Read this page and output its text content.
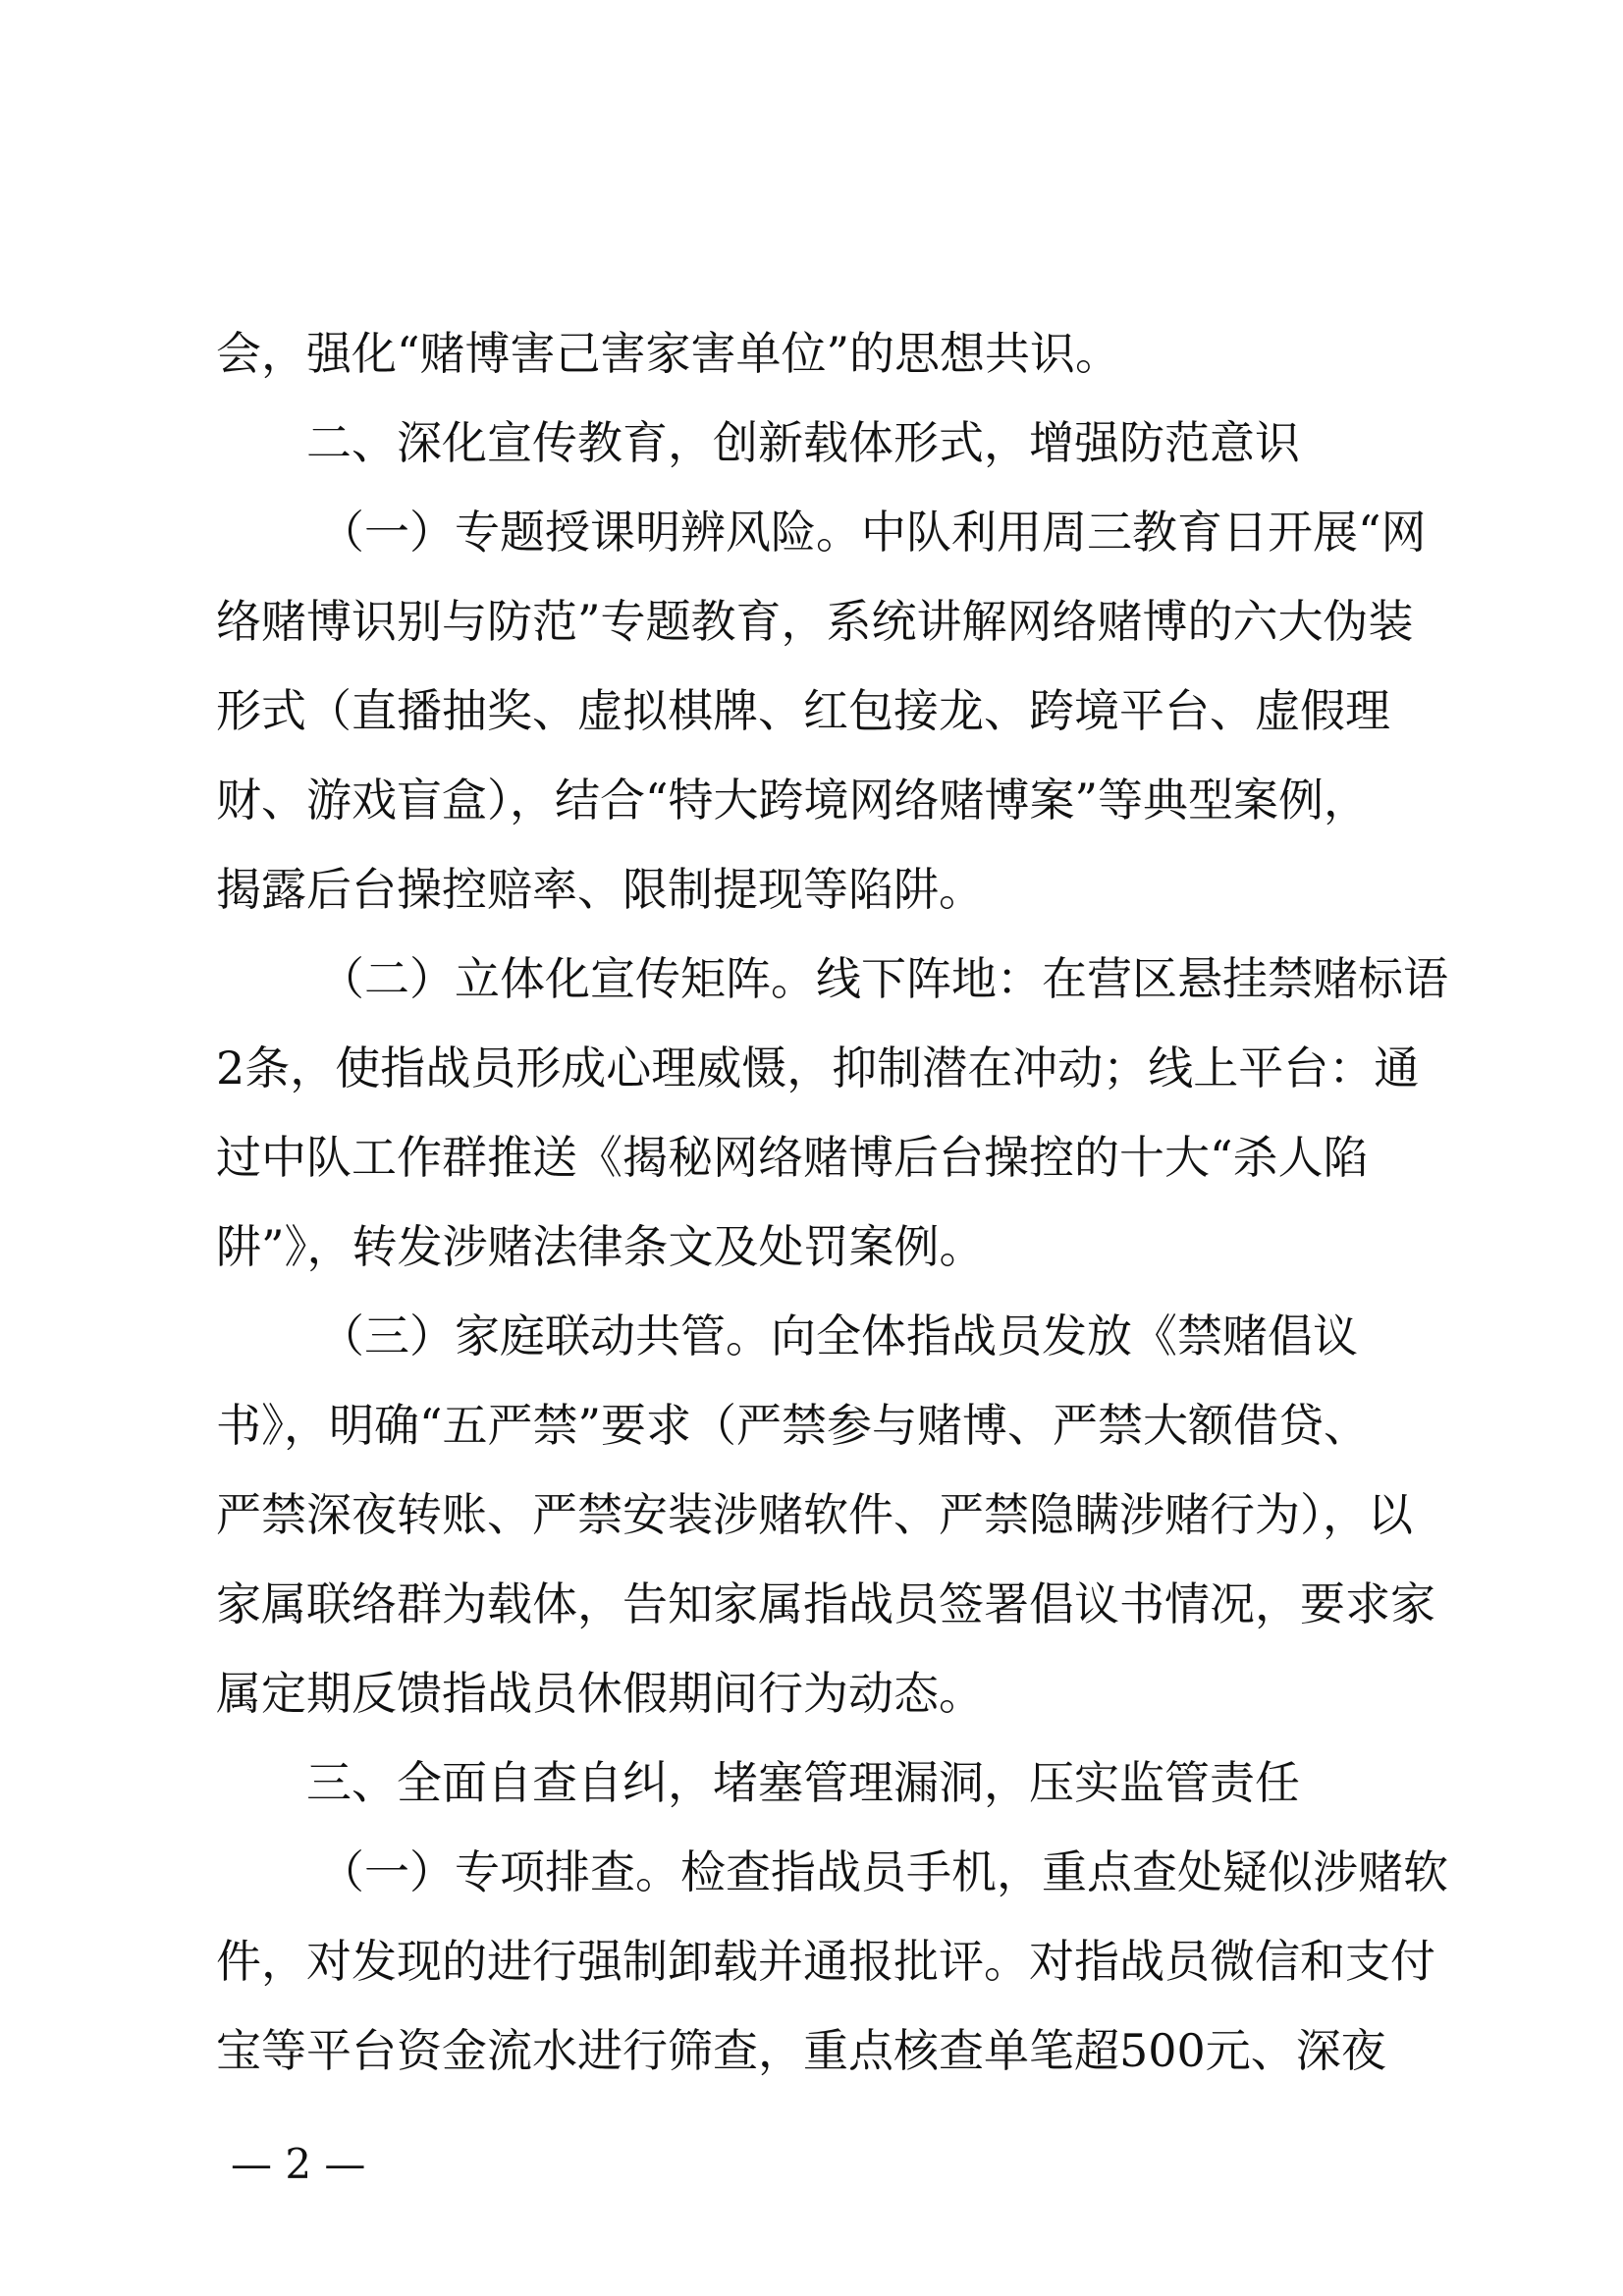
会，强化“赌博害己害家害单位”的思想共识。
二、深化宣传教育，创新载体形式，增强防范意识
（一）专题授课明辨风险。中队利用周三教育日开展“网
络赌博识别与防范”专题教育，系统讲解网络赌博的六大伪装
形式（直播抽奖、虚拟棋牌、红包接龙、跨境平台、虚假理
财、游戏盲盒），结合“特大跨境网络赌博案”等典型案例，
揭露后台操控赔率、限制提现等陷阱。
（二）立体化宣传矩阵。线下阵地：在营区悬挂禁赌标语
2条，使指战员形成心理威慑，抑制潜在冲动；线上平台：通
过中队工作群推送《揭秘网络赌博后台操控的十大“杀人陷
阱”》，转发涉赌法律条文及处罚案例。
（三）家庭联动共管。向全体指战员发放《禁赌倡议
书》，明确“五严禁”要求（严禁参与赌博、严禁大额借贷、
严禁深夜转账、严禁安装涉赌软件、严禁隐瞒涉赌行为），以
家属联络群为载体，告知家属指战员签署倡议书情况，要求家
属定期反馈指战员休假期间行为动态。
三、全面自查自纠，堵塞管理漏洞，压实监管责任
（一）专项排查。检查指战员手机，重点查处疑似涉赌软
件，对发现的进行强制卸载并通报批评。对指战员微信和支付
宝等平台资金流水进行筛查，重点核查单笔超500元、深夜
— 2 —
